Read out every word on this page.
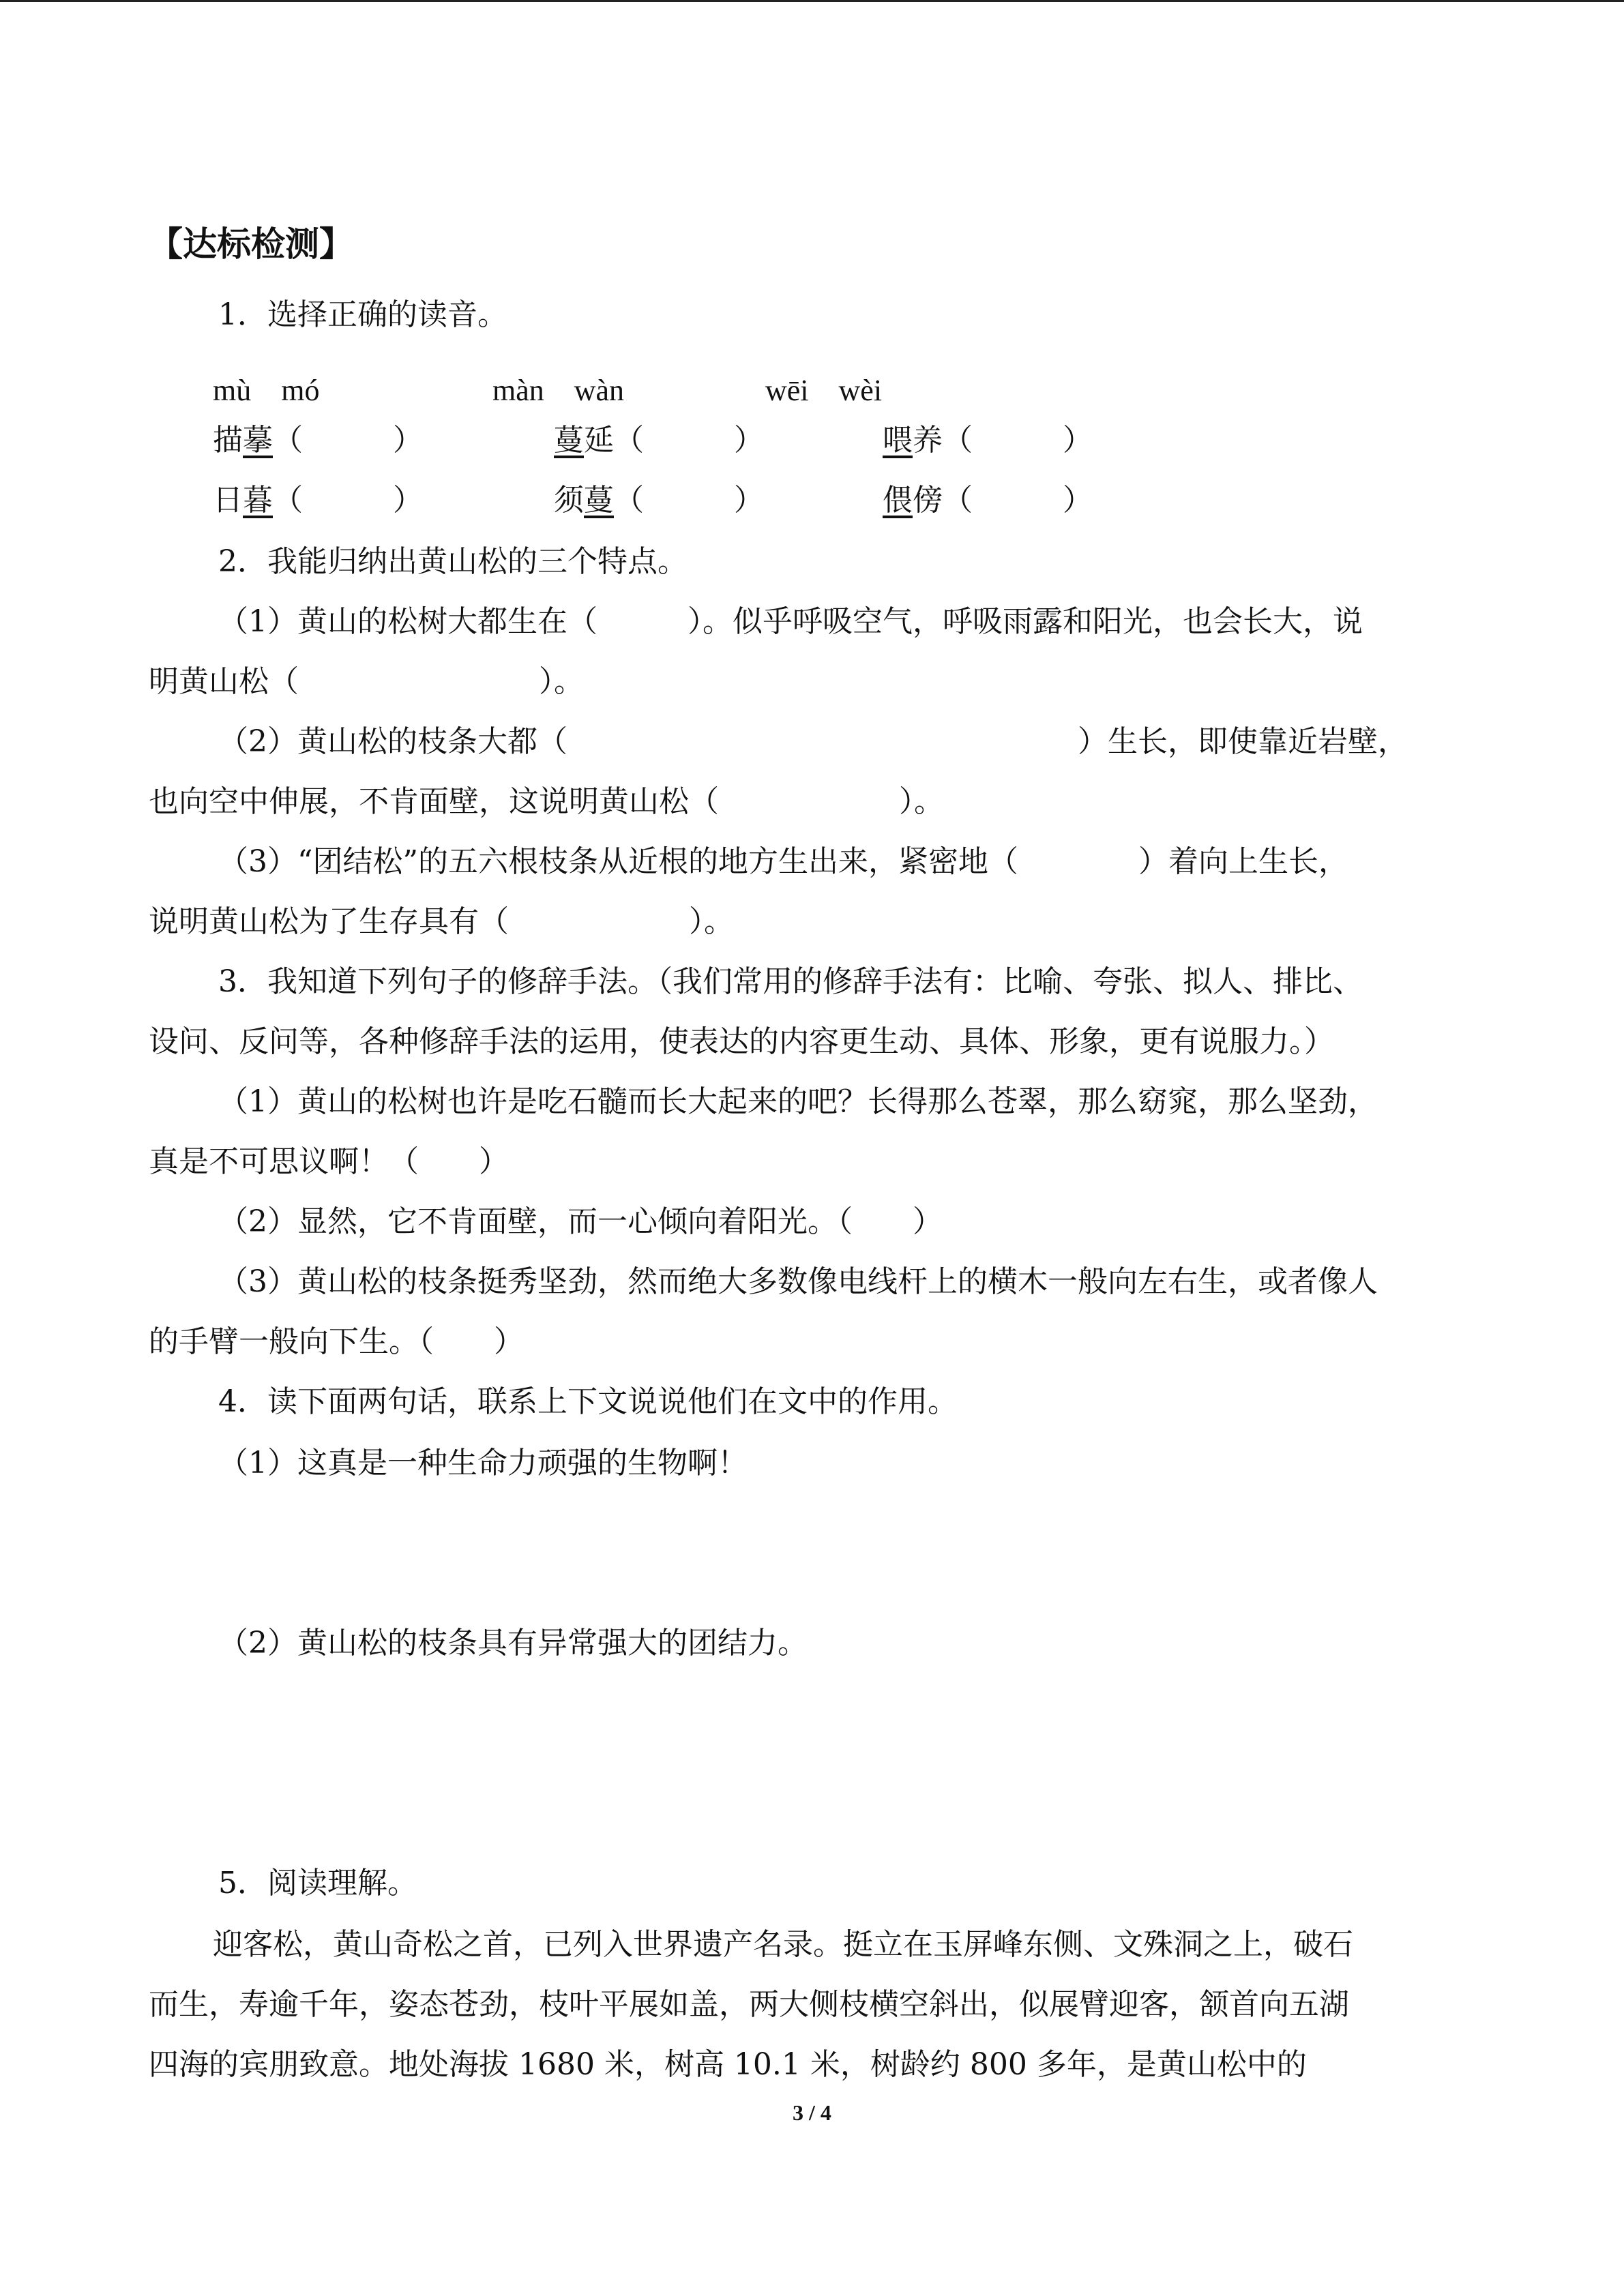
【达标检测】
1．选择正确的读音。
mù　mó	màn　wàn	wēi　wèi
描摹（　　　）	蔓延（　　　）	喂养（　　　）
日暮（　　　）	须蔓（　　　）	偎傍（　　　）
2．我能归纳出黄山松的三个特点。
（1）黄山的松树大都生在（　　　）。似乎呼吸空气，呼吸雨露和阳光，也会长大，说
明黄山松（　　　　　　　　）。
（2）黄山松的枝条大都（　　　　　　　　　　　　　　　　　）生长，即使靠近岩壁，
也向空中伸展，不肯面壁，这说明黄山松（　　　　　　）。
（3）“团结松”的五六根枝条从近根的地方生出来，紧密地（　　　　）着向上生长，
说明黄山松为了生存具有（　　　　　　）。
3．我知道下列句子的修辞手法。（我们常用的修辞手法有：比喻、夸张、拟人、排比、
设问、反问等，各种修辞手法的运用，使表达的内容更生动、具体、形象，更有说服力。）
（1）黄山的松树也许是吃石髓而长大起来的吧？长得那么苍翠，那么窈窕，那么坚劲，
真是不可思议啊！（　　）
（2）显然，它不肯面壁，而一心倾向着阳光。（　　）
（3）黄山松的枝条挺秀坚劲，然而绝大多数像电线杆上的横木一般向左右生，或者像人
的手臂一般向下生。（　　）
4．读下面两句话，联系上下文说说他们在文中的作用。
（1）这真是一种生命力顽强的生物啊！
（2）黄山松的枝条具有异常强大的团结力。
5．阅读理解。
迎客松，黄山奇松之首，已列入世界遗产名录。挺立在玉屏峰东侧、文殊洞之上，破石
而生，寿逾千年，姿态苍劲，枝叶平展如盖，两大侧枝横空斜出，似展臂迎客，颔首向五湖
四海的宾朋致意。地处海拔 1680 米，树高 10.1 米，树龄约 800 多年，是黄山松中的
3 / 4
